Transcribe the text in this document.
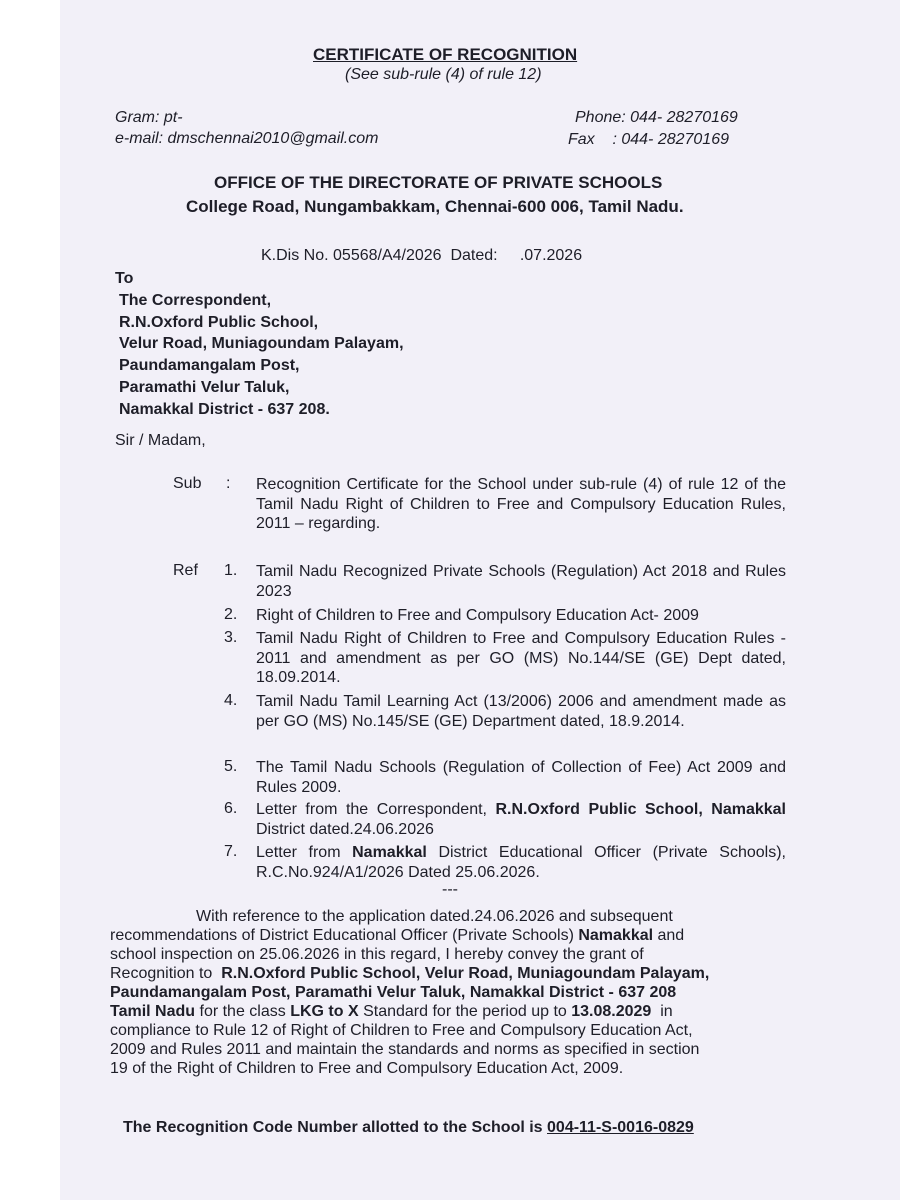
CERTIFICATE OF RECOGNITION
(See sub-rule (4) of rule 12)
Gram: pt-
e-mail: dmschennai2010@gmail.com
Phone: 044- 28270169
Fax    : 044- 28270169
OFFICE OF THE DIRECTORATE OF PRIVATE SCHOOLS
College Road, Nungambakkam, Chennai-600 006, Tamil Nadu.
K.Dis No. 05568/A4/2026  Dated:     .07.2026
To
The Correspondent,
R.N.Oxford Public School,
Velur Road, Muniagoundam Palayam,
Paundamangalam Post,
Paramathi Velur Taluk,
Namakkal District - 637 208.
Sir / Madam,
Sub : Recognition Certificate for the School under sub-rule (4) of rule 12 of the Tamil Nadu Right of Children to Free and Compulsory Education Rules, 2011 – regarding.
Ref 1. Tamil Nadu Recognized Private Schools (Regulation) Act 2018 and Rules 2023
2. Right of Children to Free and Compulsory Education Act- 2009
3. Tamil Nadu Right of Children to Free and Compulsory Education Rules - 2011 and amendment as per GO (MS) No.144/SE (GE) Dept dated, 18.09.2014.
4. Tamil Nadu Tamil Learning Act (13/2006) 2006 and amendment made as per GO (MS) No.145/SE (GE) Department dated, 18.9.2014.
5. The Tamil Nadu Schools (Regulation of Collection of Fee) Act 2009 and Rules 2009.
6. Letter from the Correspondent, R.N.Oxford Public School, Namakkal District dated.24.06.2026
7. Letter from Namakkal District Educational Officer (Private Schools), R.C.No.924/A1/2026 Dated 25.06.2026.
---
With reference to the application dated.24.06.2026 and subsequent
recommendations of District Educational Officer (Private Schools) Namakkal and
school inspection on 25.06.2026 in this regard, I hereby convey the grant of
Recognition to  R.N.Oxford Public School, Velur Road, Muniagoundam Palayam,
Paundamangalam Post, Paramathi Velur Taluk, Namakkal District - 637 208
Tamil Nadu for the class LKG to X Standard for the period up to 13.08.2029  in
compliance to Rule 12 of Right of Children to Free and Compulsory Education Act,
2009 and Rules 2011 and maintain the standards and norms as specified in section
19 of the Right of Children to Free and Compulsory Education Act, 2009.
The Recognition Code Number allotted to the School is 004-11-S-0016-0829
